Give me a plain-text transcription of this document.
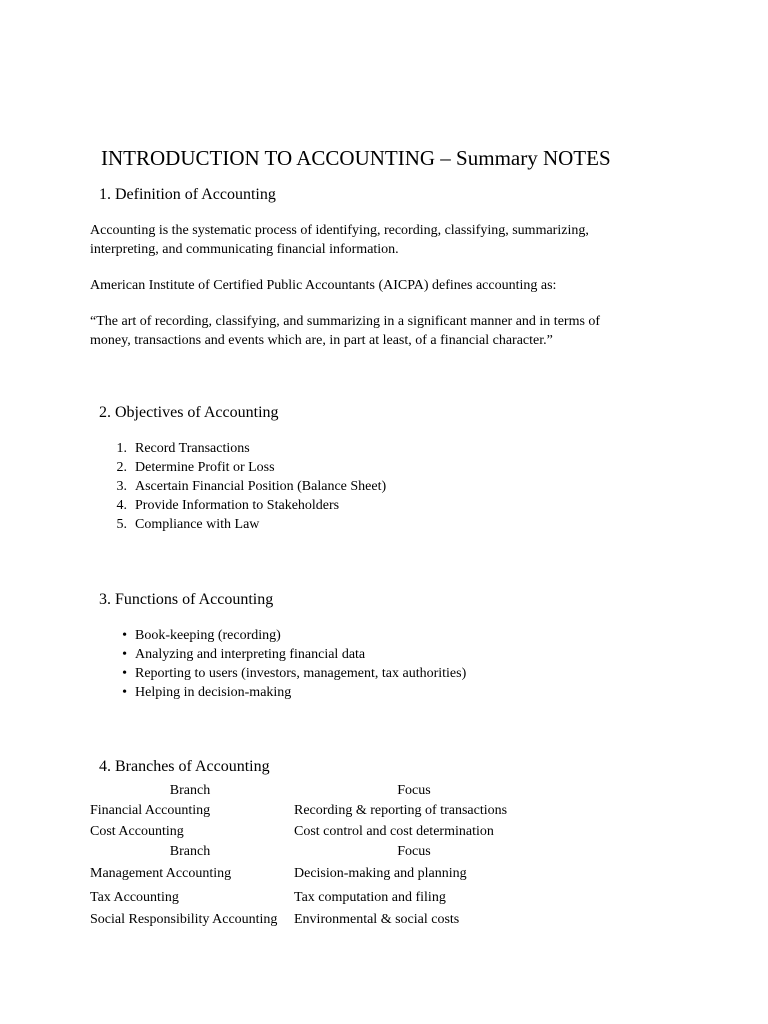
INTRODUCTION TO ACCOUNTING – Summary NOTES
1. Definition of Accounting
Accounting is the systematic process of identifying, recording, classifying, summarizing,
interpreting, and communicating financial information.
American Institute of Certified Public Accountants (AICPA) defines accounting as:
“The art of recording, classifying, and summarizing in a significant manner and in terms of
money, transactions and events which are, in part at least, of a financial character.”
2. Objectives of Accounting
1. Record Transactions
2. Determine Profit or Loss
3. Ascertain Financial Position (Balance Sheet)
4. Provide Information to Stakeholders
5. Compliance with Law
3. Functions of Accounting
• Book-keeping (recording)
• Analyzing and interpreting financial data
• Reporting to users (investors, management, tax authorities)
• Helping in decision-making
4. Branches of Accounting
Branch	Focus
Financial Accounting	Recording & reporting of transactions
Cost Accounting	Cost control and cost determination
Branch	Focus
Management Accounting	Decision-making and planning
Tax Accounting	Tax computation and filing
Social Responsibility Accounting	Environmental & social costs
